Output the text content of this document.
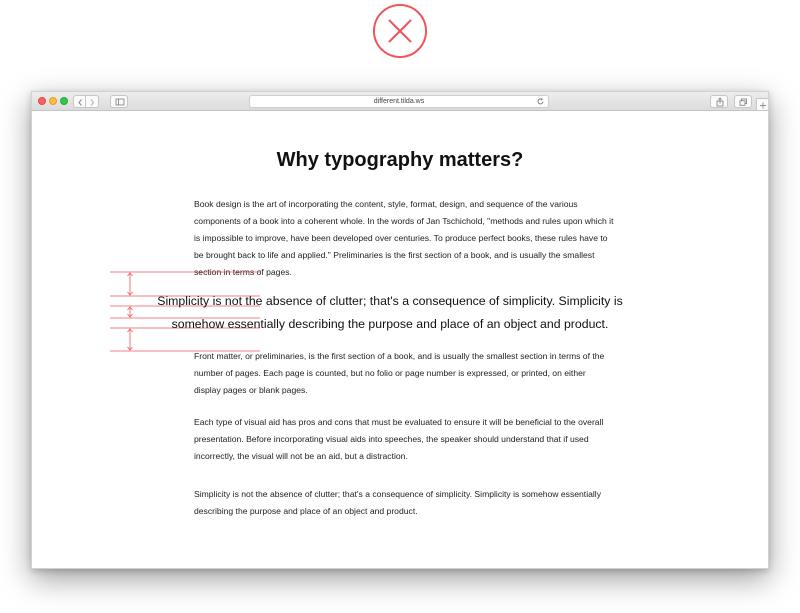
different.tilda.ws
Why typography matters?

Book design is the art of incorporating the content, style, format, design, and sequence of the various components of a book into a coherent whole. In the words of Jan Tschichold, "methods and rules upon which it is impossible to improve, have been developed over centuries. To produce perfect books, these rules have to be brought back to life and applied." Preliminaries is the first section of a book, and is usually the smallest section in terms of pages.

Simplicity is not the absence of clutter; that's a consequence of simplicity. Simplicity is somehow essentially describing the purpose and place of an object and product.

Front matter, or preliminaries, is the first section of a book, and is usually the smallest section in terms of the number of pages. Each page is counted, but no folio or page number is expressed, or printed, on either display pages or blank pages.

Each type of visual aid has pros and cons that must be evaluated to ensure it will be beneficial to the overall presentation. Before incorporating visual aids into speeches, the speaker should understand that if used incorrectly, the visual will not be an aid, but a distraction.

Simplicity is not the absence of clutter; that's a consequence of simplicity. Simplicity is somehow essentially describing the purpose and place of an object and product.
